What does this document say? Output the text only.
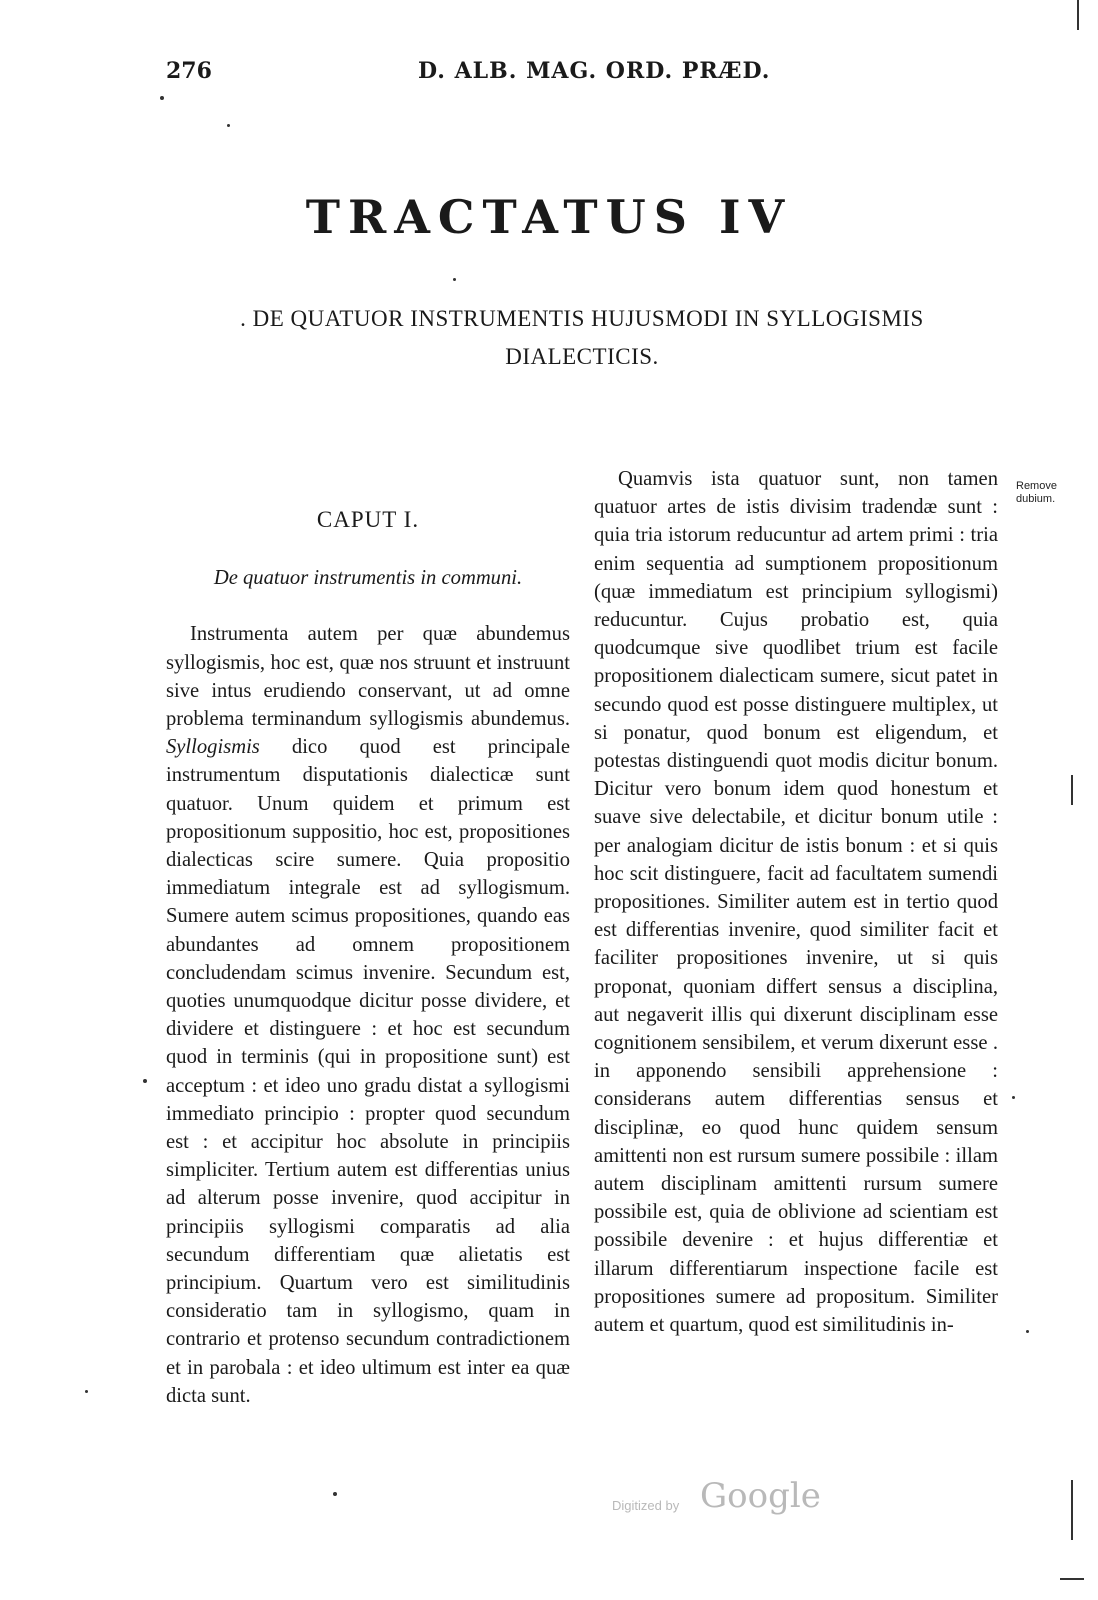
276	D. ALB. MAG. ORD. PRÆD.
TRACTATUS IV
. DE QUATUOR INSTRUMENTIS HUJUSMODI IN SYLLOGISMIS
DIALECTICIS.
CAPUT I.
De quatuor instrumentis in communi.

Instrumenta autem per quæ abundemus syllogismis, hoc est, quæ nos struunt et instruunt sive intus erudiendo conservant, ut ad omne problema terminandum syllogismis abundemus. Syllogismis dico quod est principale instrumentum disputationis dialecticæ sunt quatuor. Unum quidem et primum est propositionum suppositio, hoc est, propositiones dialecticas scire sumere. Quia propositio immediatum integrale est ad syllogismum. Sumere autem scimus propositiones, quando eas abundantes ad omnem propositionem concludendam scimus invenire. Secundum est, quoties unumquodque dicitur posse dividere, et dividere et distinguere : et hoc est secundum quod in terminis (qui in propositione sunt) est acceptum : et ideo uno gradu distat a syllogismi immediato principio : propter quod secundum est : et accipitur hoc absolute in principiis simpliciter. Tertium autem est differentias unius ad alterum posse invenire, quod accipitur in principiis syllogismi comparatis ad alia secundum differentiam quæ alietatis est principium. Quartum vero est similitudinis consideratio tam in syllogismo, quam in contrario et protenso secundum contradictionem et in parobala : et ideo ultimum est inter ea quæ dicta sunt.

Quamvis ista quatuor sunt, non tamen quatuor artes de istis divisim tradendæ sunt : quia tria istorum reducuntur ad artem primi : tria enim sequentia ad sumptionem propositionum (quæ immediatum est principium syllogismi) reducuntur. Cujus probatio est, quia quodcumque sive quodlibet trium est facile propositionem dialecticam sumere, sicut patet in secundo quod est posse distinguere multiplex, ut si ponatur, quod bonum est eligendum, et potestas distinguendi quot modis dicitur bonum. Dicitur vero bonum idem quod honestum et suave sive delectabile, et dicitur bonum utile : per analogiam dicitur de istis bonum : et si quis hoc scit distinguere, facit ad facultatem sumendi propositiones. Similiter autem est in tertio quod est differentias invenire, quod similiter facit et faciliter propositiones invenire, ut si quis proponat, quoniam differt sensus a disciplina, aut negaverit illis qui dixerunt disciplinam esse cognitionem sensibilem, et verum dixerunt esse . in apponendo sensibili apprehensione : considerans autem differentias sensus et disciplinæ, eo quod hunc quidem sensum amittenti non est rursum sumere possibile : illam autem disciplinam amittenti rursum sumere possibile est, quia de oblivione ad scientiam est possibile devenire : et hujus differentiæ et illarum differentiarum inspectione facile est propositiones sumere ad propositum. Similiter autem et quartum, quod est similitudinis in-

Remove
dubium.
Digitized by Google
